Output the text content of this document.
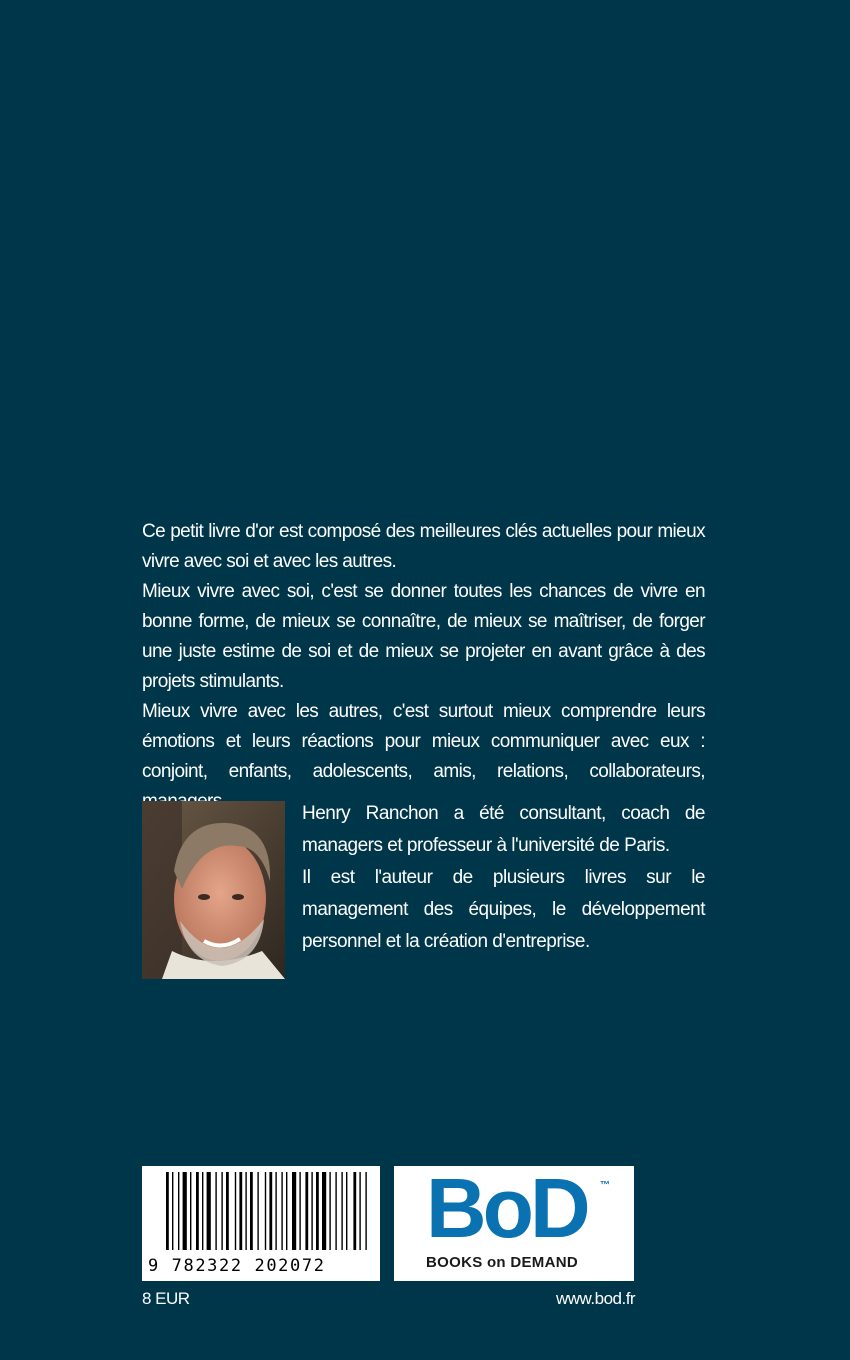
Ce petit livre d'or est composé des meilleures clés actuelles pour mieux vivre avec soi et avec les autres.

Mieux vivre avec soi, c'est se donner toutes les chances de vivre en bonne forme, de mieux se connaître, de mieux se maîtriser, de forger une juste estime de soi et de mieux se projeter en avant grâce à des projets stimulants.

Mieux vivre avec les autres, c'est surtout mieux comprendre leurs émotions et leurs réactions pour mieux communiquer avec eux : conjoint, enfants, adolescents, amis, relations, collaborateurs,

Henry Ranchon a été consultant, coach de managers et professeur à l'université de Paris.

Il est l'auteur de plusieurs livres sur le management des équipes, le développement personnel et la création d'entreprise.

9 782322 202072
BoD	™
BOOKS on DEMAND
8 EUR	www.bod.fr
